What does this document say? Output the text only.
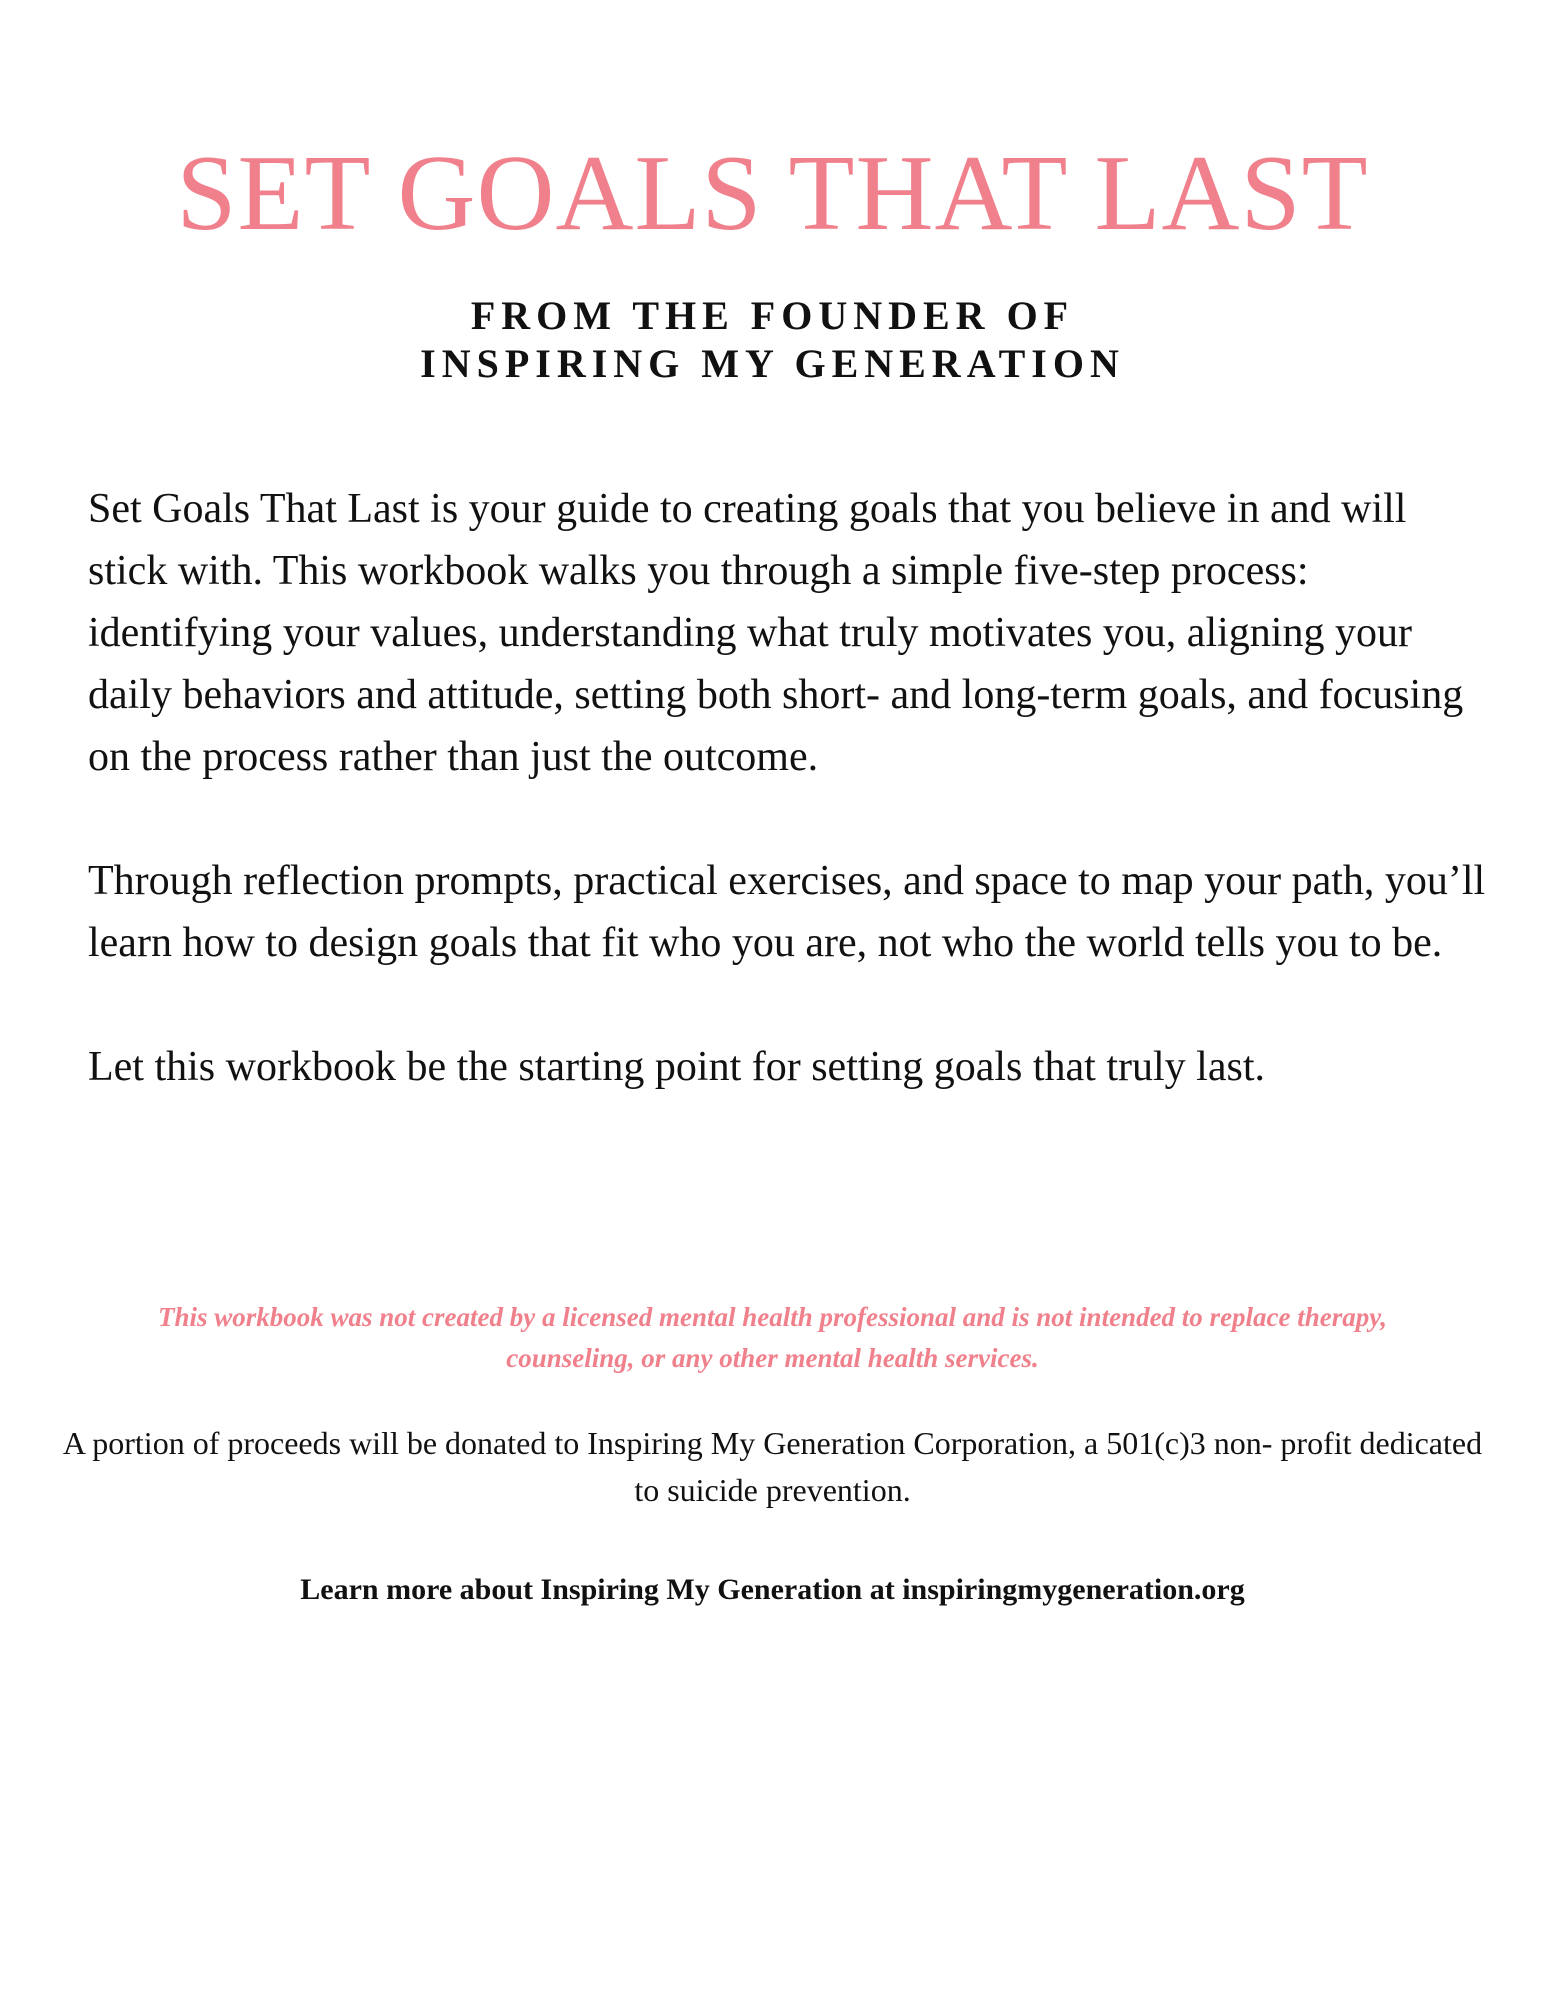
SET GOALS THAT LAST
FROM THE FOUNDER OF
INSPIRING MY GENERATION

Set Goals That Last is your guide to creating goals that you believe in and will stick with. This workbook walks you through a simple five-step process: identifying your values, understanding what truly motivates you, aligning your daily behaviors and attitude, setting both short- and long-term goals, and focusing on the process rather than just the outcome.

Through reflection prompts, practical exercises, and space to map your path, you’ll learn how to design goals that fit who you are, not who the world tells you to be.

Let this workbook be the starting point for setting goals that truly last.

This workbook was not created by a licensed mental health professional and is not intended to replace therapy, counseling, or any other mental health services.
A portion of proceeds will be donated to Inspiring My Generation Corporation, a 501(c)3 non- profit dedicated to suicide prevention.
Learn more about Inspiring My Generation at inspiringmygeneration.org
